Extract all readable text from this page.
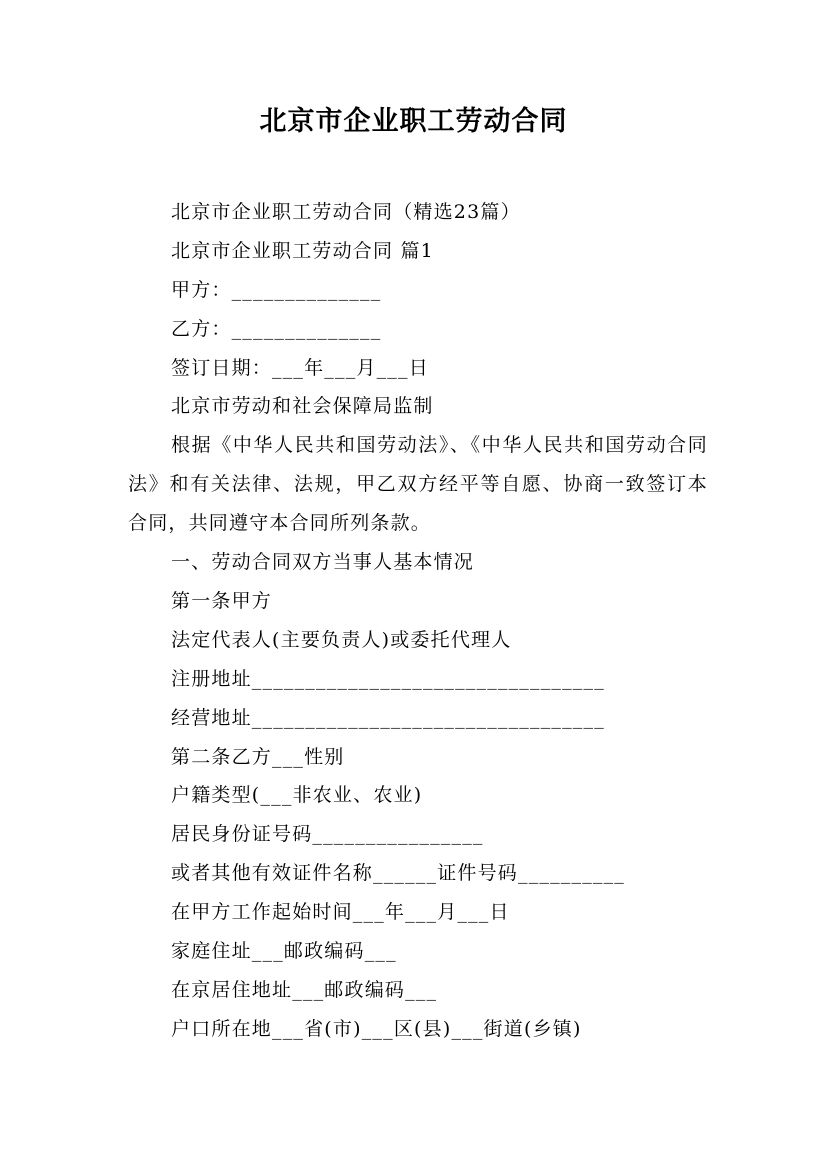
北京市企业职工劳动合同
北京市企业职工劳动合同（精选23篇）
北京市企业职工劳动合同 篇1
甲方：______________
乙方：______________
签订日期：___年___月___日
北京市劳动和社会保障局监制
根据《中华人民共和国劳动法》、《中华人民共和国劳动合同法》和有关法律、法规，甲乙双方经平等自愿、协商一致签订本合同，共同遵守本合同所列条款。
一、劳动合同双方当事人基本情况
第一条甲方
法定代表人(主要负责人)或委托代理人
注册地址_________________________________
经营地址_________________________________
第二条乙方___性别
户籍类型(___非农业、农业)
居民身份证号码________________
或者其他有效证件名称______证件号码__________
在甲方工作起始时间___年___月___日
家庭住址___邮政编码___
在京居住地址___邮政编码___
户口所在地___省(市)___区(县)___街道(乡镇)
